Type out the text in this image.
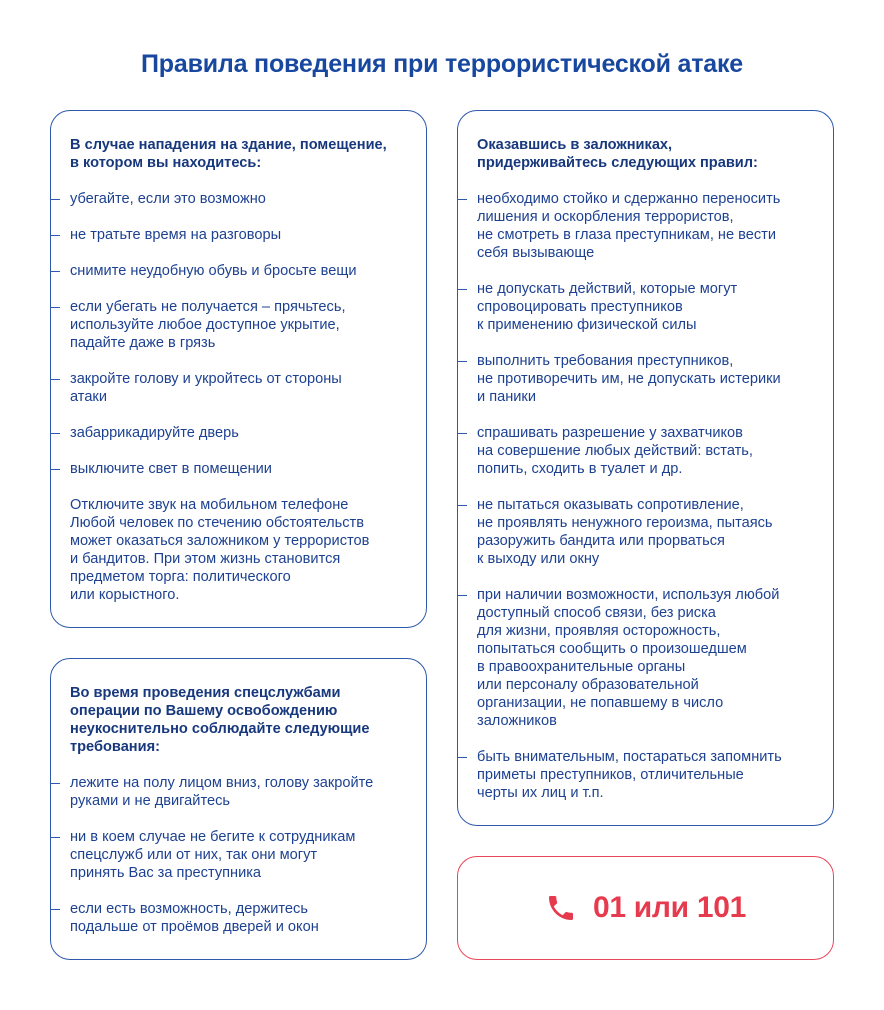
Правила поведения при террористической атаке
В случае нападения на здание, помещение,
в котором вы находитесь:
убегайте, если это возможно
не тратьте время на разговоры
снимите неудобную обувь и бросьте вещи
если убегать не получается – прячьтесь,
используйте любое доступное укрытие,
падайте даже в грязь
закройте голову и укройтесь от стороны
атаки
забаррикадируйте дверь
выключите свет в помещении
Отключите звук на мобильном телефоне
Любой человек по стечению обстоятельств
может оказаться заложником у террористов
и бандитов. При этом жизнь становится
предметом торга: политического
или корыстного.
Во время проведения спецслужбами
операции по Вашему освобождению
неукоснительно соблюдайте следующие
требования:
лежите на полу лицом вниз, голову закройте
руками и не двигайтесь
ни в коем случае не бегите к сотрудникам
спецслужб или от них, так они могут
принять Вас за преступника
если есть возможность, держитесь
подальше от проёмов дверей и окон
Оказавшись в заложниках,
придерживайтесь следующих правил:
необходимо стойко и сдержанно переносить
лишения и оскорбления террористов,
не смотреть в глаза преступникам, не вести
себя вызывающе
не допускать действий, которые могут
спровоцировать преступников
к применению физической силы
выполнить требования преступников,
не противоречить им, не допускать истерики
и паники
спрашивать разрешение у захватчиков
на совершение любых действий: встать,
попить, сходить в туалет и др.
не пытаться оказывать сопротивление,
не проявлять ненужного героизма, пытаясь
разоружить бандита или прорваться
к выходу или окну
при наличии возможности, используя любой
доступный способ связи, без риска
для жизни, проявляя осторожность,
попытаться сообщить о произошедшем
в правоохранительные органы
или персоналу образовательной
организации, не попавшему в число
заложников
быть внимательным, постараться запомнить
приметы преступников, отличительные
черты их лиц и т.п.
01 или 101
